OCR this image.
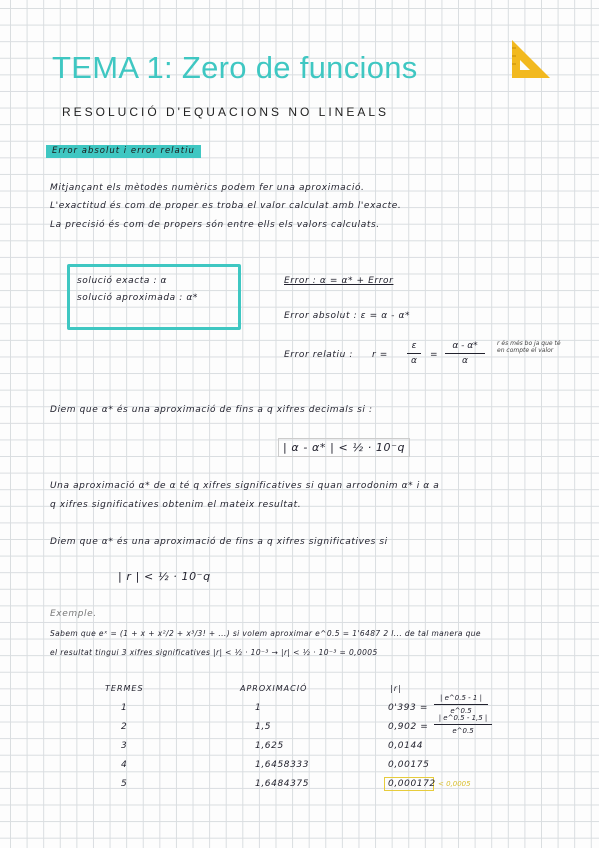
TEMA 1: Zero de funcions
RESOLUCIÓ D'EQUACIONS NO LINEALS
Error absolut i error relatiu
Mitjançant els mètodes numèrics podem fer una aproximació.
L'exactitud és com de proper es troba el valor calculat amb l'exacte.
La precisió és com de propers són entre ells els valors calculats.
solució exacta : α
solució aproximada : α*
Error : α = α* + Error
Error absolut : ε = α - α*
Error relatiu : $r = \frac{\varepsilon}{\alpha} = \frac{\alpha - \alpha*}{\alpha}$ r és més bo ja que té en compte el valor
Diem que α* és una aproximació de fins a q xifres decimals si :
| α - α* | < ½ · 10⁻q
Una aproximació α* de α té q xifres significatives si quan arrodonim α* i α a
q xifres significatives obtenim el mateix resultat.
Diem que α* és una aproximació de fins a q xifres significatives si
| r | < ½ · 10⁻q
Exemple.
Sabem que eˣ = (1 + x + x²/2 + x³/3! + ...) si volem aproximar e^0.5 = 1'6487 2 l... de tal manera que
el resultat tingui 3 xifres significatives |r| < ½ · 10⁻³ → |r| < ½ · 10⁻³ = 0,0005
TERMES	APROXIMACIÓ	|r|
1	1	0'393 =
2	1,5	0,902 =
3	1,625	0,0144
4	1,6458333	0,00175
5	1,6484375	0,000172 < 0,0005
$\frac{| e\^{}0.5 - 1 |}{e\^{}0.5}$
$\frac{| e\^{}0.5 - 1,5 |}{e\^{}0.5}$
